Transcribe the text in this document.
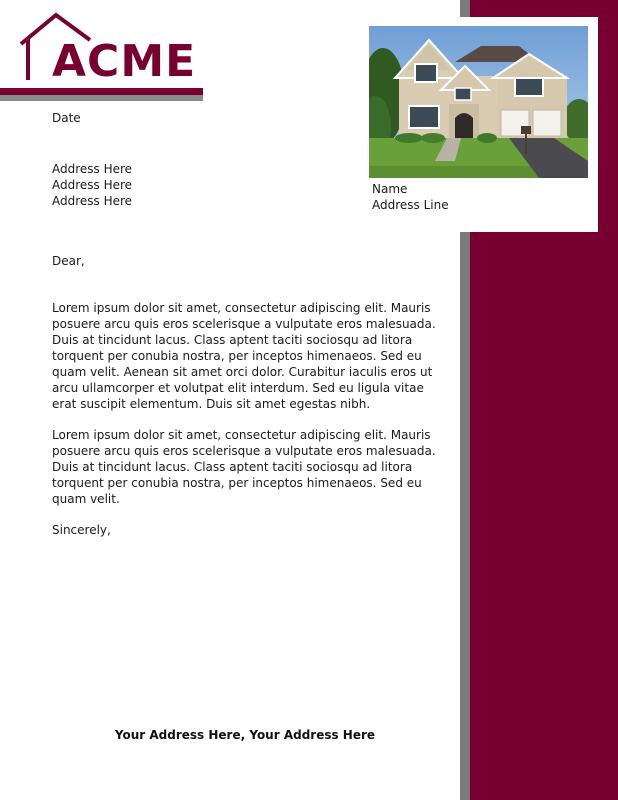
ACME
Name
Address Line
Date
Address Here
Address Here
Address Here
Dear,
Lorem ipsum dolor sit amet, consectetur adipiscing elit. Mauris posuere arcu quis eros scelerisque a vulputate eros malesuada. Duis at tincidunt lacus. Class aptent taciti sociosqu ad litora torquent per conubia nostra, per inceptos himenaeos. Sed eu quam velit. Aenean sit amet orci dolor. Curabitur iaculis eros ut arcu ullamcorper et volutpat elit interdum. Sed eu ligula vitae erat suscipit elementum. Duis sit amet egestas nibh.
Lorem ipsum dolor sit amet, consectetur adipiscing elit. Mauris posuere arcu quis eros scelerisque a vulputate eros malesuada. Duis at tincidunt lacus. Class aptent taciti sociosqu ad litora torquent per conubia nostra, per inceptos himenaeos. Sed eu quam velit.
Sincerely,
Your Address Here, Your Address Here
